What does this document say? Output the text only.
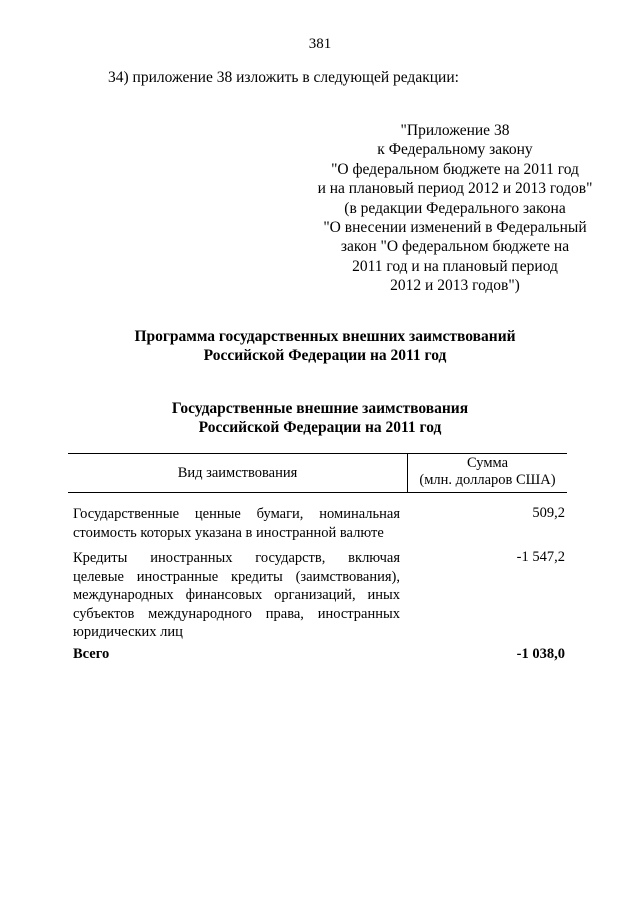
381
34) приложение 38 изложить в следующей редакции:
"Приложение 38
к Федеральному закону
"О федеральном бюджете на 2011 год
и на плановый период 2012 и 2013 годов"
(в редакции Федерального закона
"О внесении изменений в Федеральный
закон "О федеральном бюджете на
2011 год и на плановый период
2012 и 2013 годов")
Программа государственных внешних заимствований
Российской Федерации на 2011 год
Государственные внешние заимствования
Российской Федерации на 2011 год
Вид заимствования
Сумма
(млн. долларов США)
Государственные ценные бумаги, номинальная
стоимость которых указана в иностранной валюте
509,2
Кредиты иностранных государств, включая
целевые иностранные кредиты (заимствования),
международных финансовых организаций, иных
субъектов международного права, иностранных
юридических лиц
-1 547,2
Всего	-1 038,0
